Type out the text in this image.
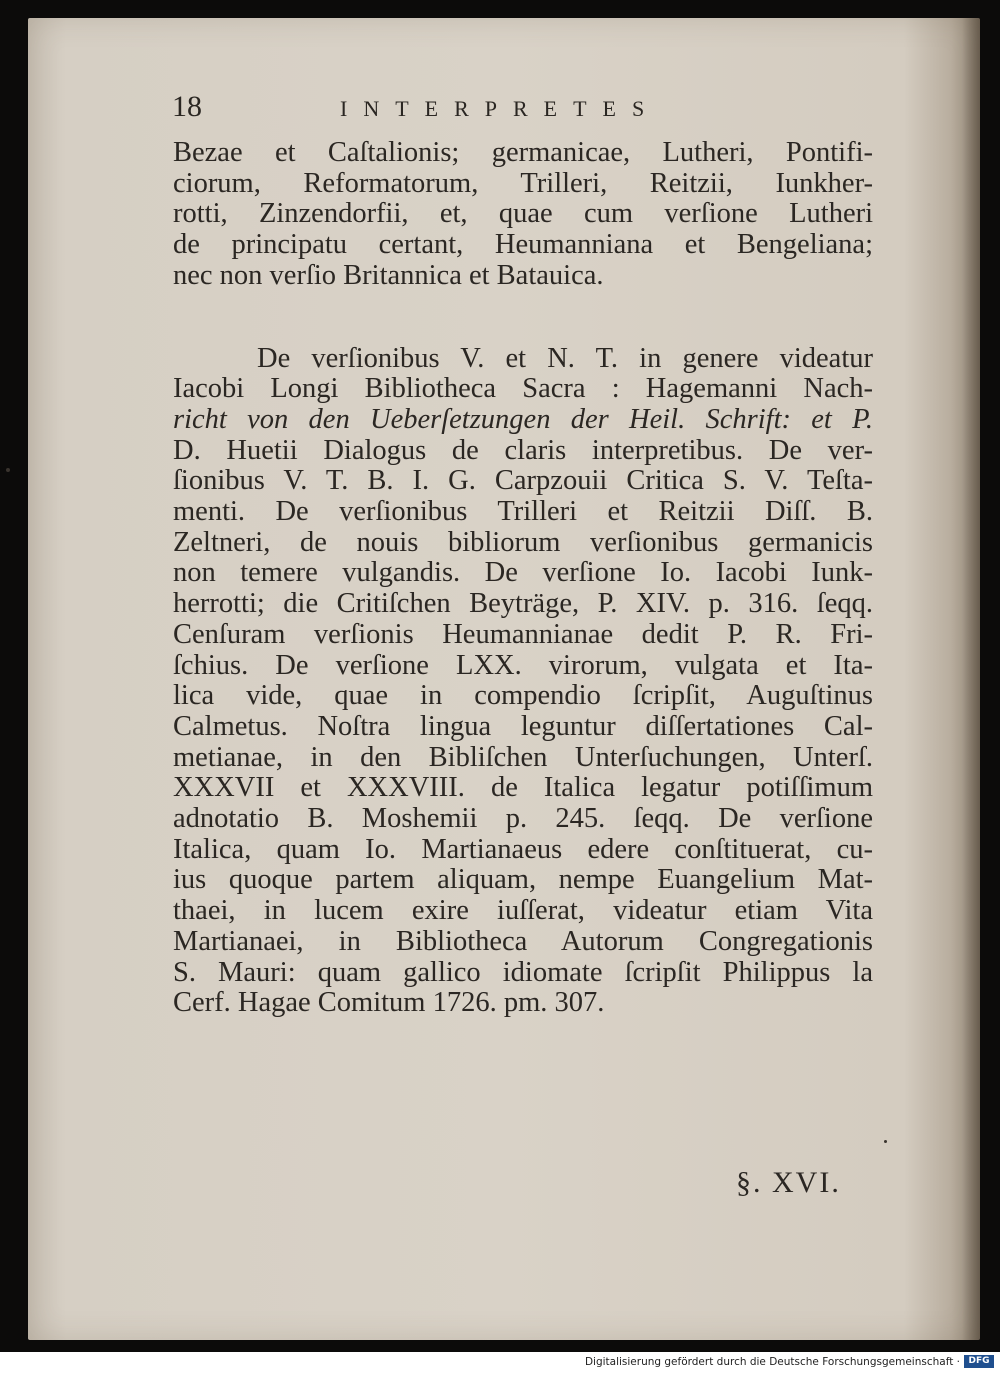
18	INTERPRETES

Bezae et Caſtalionis; germanicae, Lutheri, Pontifi-
ciorum, Reformatorum, Trilleri, Reitzii, Iunkher-
rotti, Zinzendorfii, et, quae cum verſione Lutheri
de principatu certant, Heumanniana et Bengeliana;
nec non verſio Britannica et Batauica.

De verſionibus V. et N. T. in genere videatur
Iacobi Longi Bibliotheca Sacra : Hagemanni Nach-
richt von den Ueberſetzungen der Heil. Schrift: et P.
D. Huetii Dialogus de claris interpretibus. De ver-
ſionibus V. T. B. I. G. Carpzouii Critica S. V. Teſta-
menti. De verſionibus Trilleri et Reitzii Diſſ. B.
Zeltneri, de nouis bibliorum verſionibus germanicis
non temere vulgandis. De verſione Io. Iacobi Iunk-
herrotti; die Critiſchen Beyträge, P. XIV. p. 316. ſeqq.
Cenſuram verſionis Heumannianae dedit P. R. Fri-
ſchius. De verſione LXX. virorum, vulgata et Ita-
lica vide, quae in compendio ſcripſit, Auguſtinus
Calmetus. Noſtra lingua leguntur diſſertationes Cal-
metianae, in den Bibliſchen Unterſuchungen, Unterſ.
XXXVII et XXXVIII. de Italica legatur potiſſimum
adnotatio B. Moshemii p. 245. ſeqq. De verſione
Italica, quam Io. Martianaeus edere conſtituerat, cu-
ius quoque partem aliquam, nempe Euangelium Mat-
thaei, in lucem exire iuſſerat, videatur etiam Vita
Martianaei, in Bibliotheca Autorum Congregationis
S. Mauri: quam gallico idiomate ſcripſit Philippus la
Cerf. Hagae Comitum 1726. pm. 307.

§. XVI.
Digitalisierung gefördert durch die Deutsche Forschungsgemeinschaft · DFG
